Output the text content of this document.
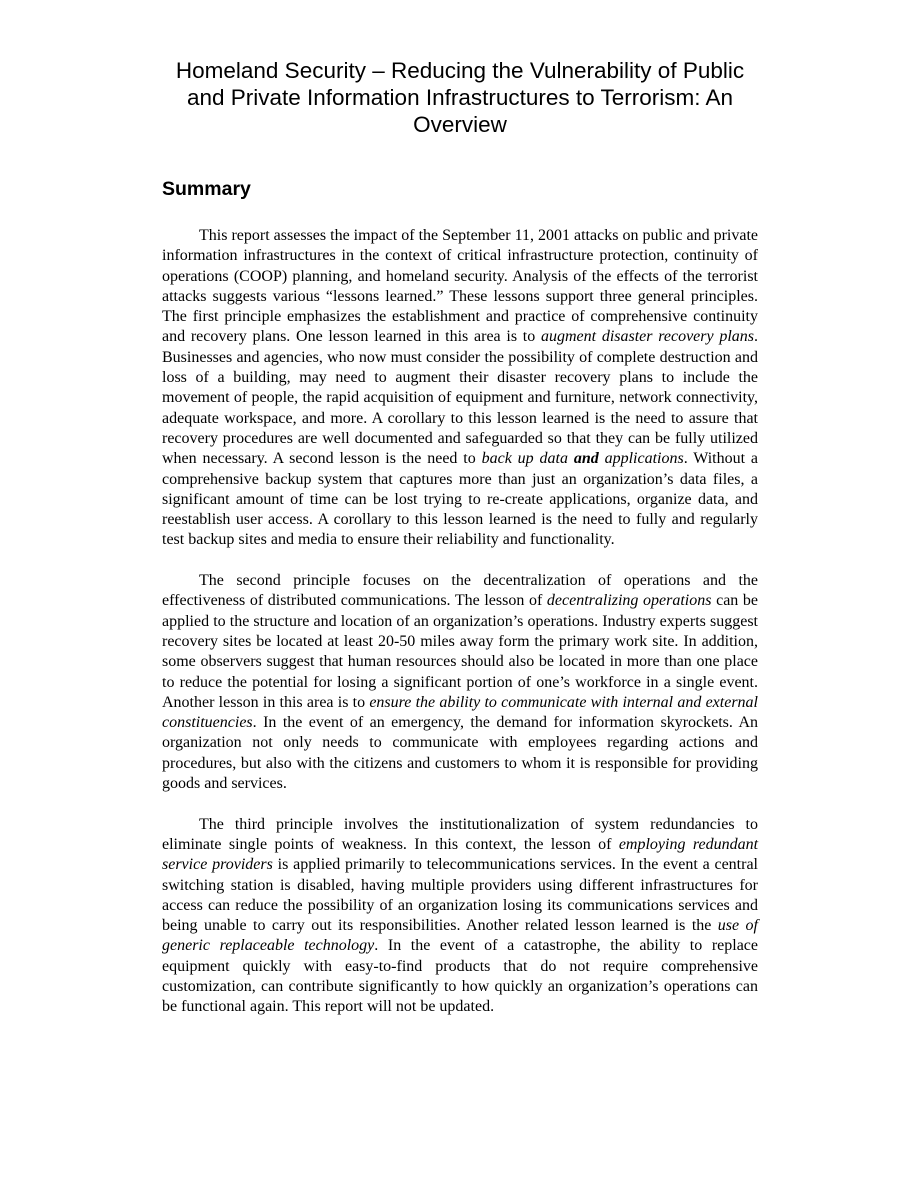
Homeland Security – Reducing the Vulnerability of Public and Private Information Infrastructures to Terrorism: An Overview
Summary

This report assesses the impact of the September 11, 2001 attacks on public and private information infrastructures in the context of critical infrastructure protection, continuity of operations (COOP) planning, and homeland security. Analysis of the effects of the terrorist attacks suggests various “lessons learned.” These lessons support three general principles. The first principle emphasizes the establishment and practice of comprehensive continuity and recovery plans. One lesson learned in this area is to augment disaster recovery plans. Businesses and agencies, who now must consider the possibility of complete destruction and loss of a building, may need to augment their disaster recovery plans to include the movement of people, the rapid acquisition of equipment and furniture, network connectivity, adequate workspace, and more. A corollary to this lesson learned is the need to assure that recovery procedures are well documented and safeguarded so that they can be fully utilized when necessary. A second lesson is the need to back up data and applications. Without a comprehensive backup system that captures more than just an organization’s data files, a significant amount of time can be lost trying to re-create applications, organize data, and reestablish user access. A corollary to this lesson learned is the need to fully and regularly test backup sites and media to ensure their reliability and functionality.

The second principle focuses on the decentralization of operations and the effectiveness of distributed communications. The lesson of decentralizing operations can be applied to the structure and location of an organization’s operations. Industry experts suggest recovery sites be located at least 20-50 miles away form the primary work site. In addition, some observers suggest that human resources should also be located in more than one place to reduce the potential for losing a significant portion of one’s workforce in a single event. Another lesson in this area is to ensure the ability to communicate with internal and external constituencies. In the event of an emergency, the demand for information skyrockets. An organization not only needs to communicate with employees regarding actions and procedures, but also with the citizens and customers to whom it is responsible for providing goods and services.

The third principle involves the institutionalization of system redundancies to eliminate single points of weakness. In this context, the lesson of employing redundant service providers is applied primarily to telecommunications services. In the event a central switching station is disabled, having multiple providers using different infrastructures for access can reduce the possibility of an organization losing its communications services and being unable to carry out its responsibilities. Another related lesson learned is the use of generic replaceable technology. In the event of a catastrophe, the ability to replace equipment quickly with easy-to-find products that do not require comprehensive customization, can contribute significantly to how quickly an organization’s operations can be functional again. This report will not be updated.
